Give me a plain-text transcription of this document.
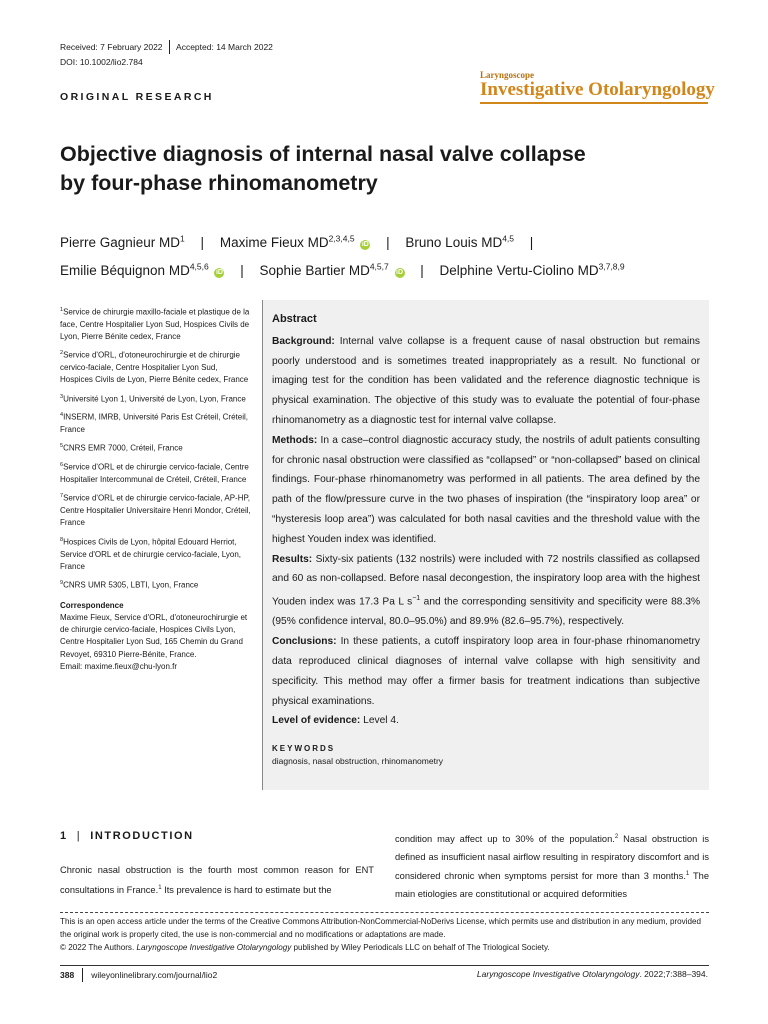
Received: 7 February 2022 Accepted: 14 March 2022
DOI: 10.1002/lio2.784
ORIGINAL RESEARCH
Laryngoscope
Investigative Otolaryngology
Objective diagnosis of internal nasal valve collapse
by four-phase rhinomanometry
Pierre Gagnieur $MD^1$ | Maxime Fieux MD$^{2,3,4,5}$ iD | Bruno Louis MD$^{4,5}$ |
Emilie Béquignon MD$^{4,5,6}$ iD | Sophie Bartier MD$^{4,5,7}$ iD | Delphine Vertu-Ciolino MD$^{3,7,8,9}$

$^1$Service de chirurgie maxillo-faciale et plastique de la face, Centre Hospitalier Lyon Sud, Hospices Civils de Lyon, Pierre Bénite cedex, France

$^2$Service d'ORL, d'otoneurochirurgie et de chirurgie cervico-faciale, Centre Hospitalier Lyon Sud, Hospices Civils de Lyon, Pierre Bénite cedex, France

$^3$Université Lyon 1, Université de Lyon, Lyon, France

$^4$INSERM, IMRB, Université Paris Est Créteil, Créteil, France

$^5$CNRS EMR 7000, Créteil, France

$^6$Service d'ORL et de chirurgie cervico-faciale, Centre Hospitalier Intercommunal de Créteil, Créteil, France

$^7$Service d'ORL et de chirurgie cervico-faciale, AP-HP, Centre Hospitalier Universitaire Henri Mondor, Créteil, France

$^8$Hospices Civils de Lyon, hôpital Edouard Herriot, Service d'ORL et de chirurgie cervico-faciale, Lyon, France

$^9$CNRS UMR 5305, LBTI, Lyon, France

Correspondence

Maxime Fieux, Service d'ORL, d'otoneurochirurgie et de chirurgie cervico-faciale, Hospices Civils Lyon, Centre Hospitalier Lyon Sud, 165 Chemin du Grand Revoyet, 69310 Pierre-Bénite, France.
Email: maxime.fieux@chu-lyon.fr

Abstract

Background: Internal valve collapse is a frequent cause of nasal obstruction but remains poorly understood and is sometimes treated inappropriately as a result. No functional or imaging test for the condition has been validated and the reference diagnostic technique is physical examination. The objective of this study was to evaluate the potential of four-phase rhinomanometry as a diagnostic test for internal valve collapse.

Methods: In a case–control diagnostic accuracy study, the nostrils of adult patients consulting for chronic nasal obstruction were classified as “collapsed” or “non-collapsed” based on clinical findings. Four-phase rhinomanometry was performed in all patients. The area defined by the path of the flow/pressure curve in the two phases of inspiration (the “inspiratory loop area” or “hysteresis loop area”) was calculated for both nasal cavities and the threshold value with the highest Youden index was identified.

Results: Sixty-six patients (132 nostrils) were included with 72 nostrils classified as collapsed and 60 as non-collapsed. Before nasal decongestion, the inspiratory loop area with the highest Youden index was 17.3 Pa L $s^{-1}$ and the corresponding sensitivity and specificity were 88.3% (95% confidence interval, 80.0–95.0%) and 89.9% (82.6–95.7%), respectively.

Conclusions: In these patients, a cutoff inspiratory loop area in four-phase rhinomanometry data reproduced clinical diagnoses of internal valve collapse with high sensitivity and specificity. This method may offer a firmer basis for treatment indications than subjective physical examinations.

Level of evidence: Level 4.

KEYWORDS

diagnosis, nasal obstruction, rhinomanometry

1 | INTRODUCTION
Chronic nasal obstruction is the fourth most common reason for ENT consultations in France.$^1$ Its prevalence is hard to estimate but the
condition may affect up to 30% of the population.$^2$ Nasal obstruction is defined as insufficient nasal airflow resulting in respiratory discomfort and is considered chronic when symptoms persist for more than 3 months.$^1$ The main etiologies are constitutional or acquired deformities

This is an open access article under the terms of the Creative Commons Attribution-NonCommercial-NoDerivs License, which permits use and distribution in any medium, provided the original work is properly cited, the use is non-commercial and no modifications or adaptations are made.

© 2022 The Authors. Laryngoscope Investigative Otolaryngology published by Wiley Periodicals LLC on behalf of The Triological Society.

388 wileyonlinelibrary.com/journal/lio2	Laryngoscope Investigative Otolaryngology. 2022;7:388–394.
